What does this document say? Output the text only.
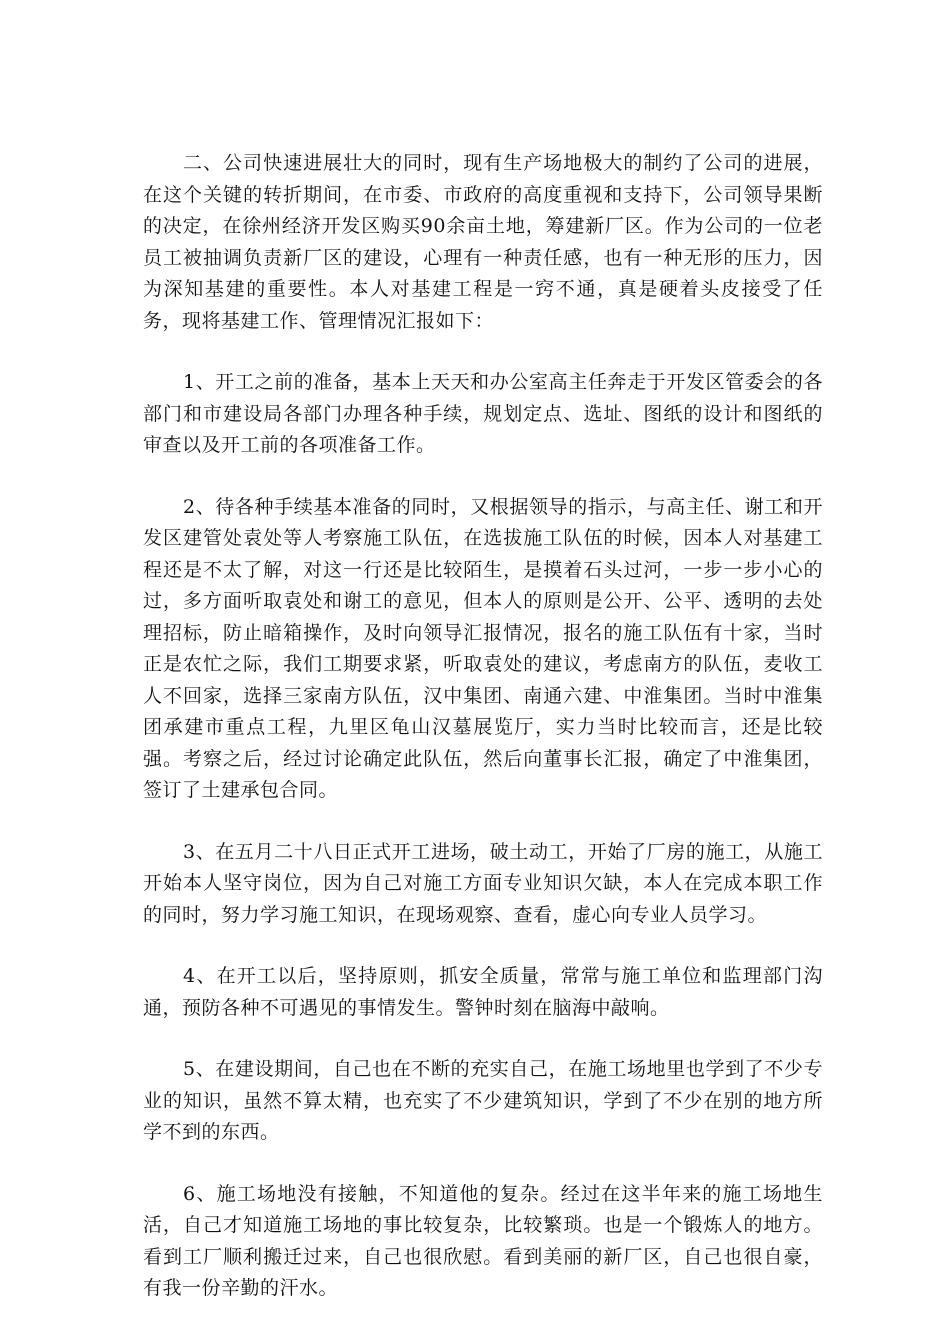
二、公司快速进展壮大的同时，现有生产场地极大的制约了公司的进展，在这个关键的转折期间，在市委、市政府的高度重视和支持下，公司领导果断的决定，在徐州经济开发区购买90余亩土地，筹建新厂区。作为公司的一位老员工被抽调负责新厂区的建设，心理有一种责任感，也有一种无形的压力，因为深知基建的重要性。本人对基建工程是一窍不通，真是硬着头皮接受了任务，现将基建工作、管理情况汇报如下：

1、开工之前的准备，基本上天天和办公室高主任奔走于开发区管委会的各部门和市建设局各部门办理各种手续，规划定点、选址、图纸的设计和图纸的审查以及开工前的各项准备工作。

2、待各种手续基本准备的同时，又根据领导的指示，与高主任、谢工和开发区建管处袁处等人考察施工队伍，在选拔施工队伍的时候，因本人对基建工程还是不太了解，对这一行还是比较陌生，是摸着石头过河，一步一步小心的过，多方面听取袁处和谢工的意见，但本人的原则是公开、公平、透明的去处理招标，防止暗箱操作，及时向领导汇报情况，报名的施工队伍有十家，当时正是农忙之际，我们工期要求紧，听取袁处的建议，考虑南方的队伍，麦收工人不回家，选择三家南方队伍，汉中集团、南通六建、中淮集团。当时中淮集团承建市重点工程，九里区龟山汉墓展览厅，实力当时比较而言，还是比较强。考察之后，经过讨论确定此队伍，然后向董事长汇报，确定了中淮集团，签订了土建承包合同。

3、在五月二十八日正式开工进场，破土动工，开始了厂房的施工，从施工开始本人坚守岗位，因为自己对施工方面专业知识欠缺，本人在完成本职工作的同时，努力学习施工知识，在现场观察、查看，虚心向专业人员学习。

4、在开工以后，坚持原则，抓安全质量，常常与施工单位和监理部门沟通，预防各种不可遇见的事情发生。警钟时刻在脑海中敲响。

5、在建设期间，自己也在不断的充实自己，在施工场地里也学到了不少专业的知识，虽然不算太精，也充实了不少建筑知识，学到了不少在别的地方所学不到的东西。

6、施工场地没有接触，不知道他的复杂。经过在这半年来的施工场地生活，自己才知道施工场地的事比较复杂，比较繁琐。也是一个锻炼人的地方。看到工厂顺利搬迁过来，自己也很欣慰。看到美丽的新厂区，自己也很自豪，有我一份辛勤的汗水。
